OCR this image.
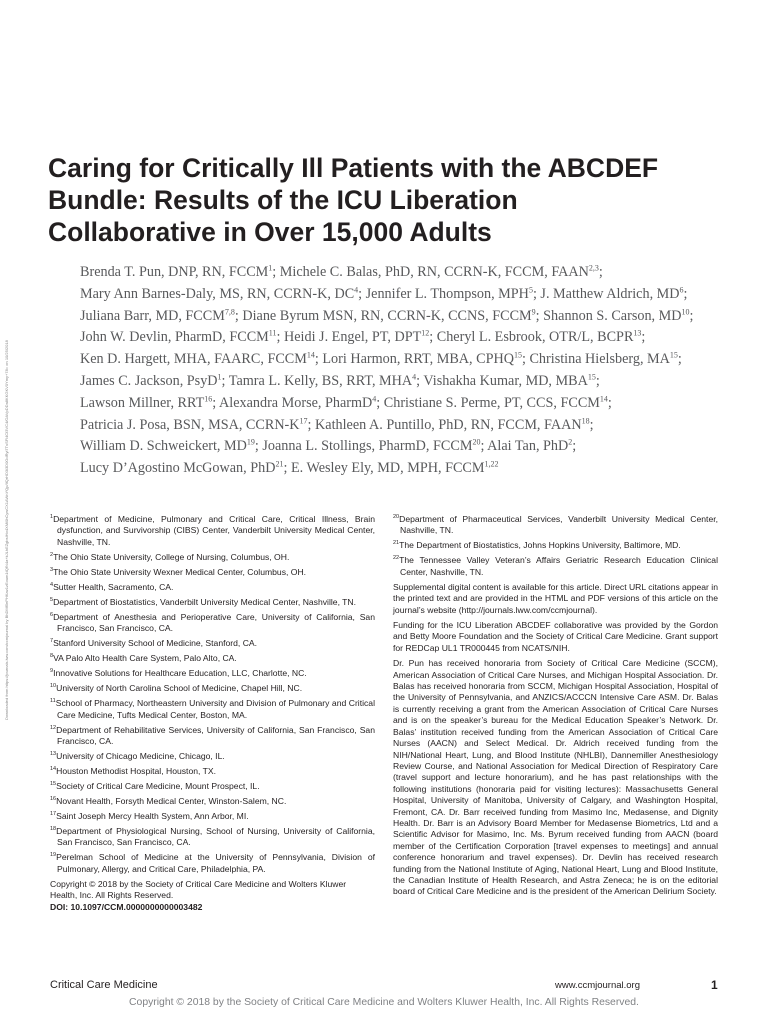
Downloaded from https://journals.lww.com/ccmjournal by BhDMf5ePHKav1zEoum1tQfN4a+kJLhEZgbsIHo4XMi0hCywCX1AWnYQp/IlQrHD3i3D0OdRyi7TvSFl4Cf3VC4/OAVpDDa8KKGKV0Ymy+78= on 10/25/2018
Caring for Critically Ill Patients with the ABCDEF Bundle: Results of the ICU Liberation Collaborative in Over 15,000 Adults
Brenda T. Pun, DNP, RN, FCCM$^1$; Michele C. Balas, PhD, RN, CCRN-K, FCCM, FAAN$^{2,3}$;
Mary Ann Barnes-Daly, MS, RN, CCRN-K, $DC^4$; Jennifer L. Thompson, MPH$^5$; J. Matthew Aldrich, $MD^6$;
Juliana Barr, MD, FCCM$^{7,8}$; Diane Byrum MSN, RN, CCRN-K, CCNS, FCCM$^9$; Shannon S. Carson, MD$^{10}$;
John W. Devlin, PharmD, FCCM$^{11}$; Heidi J. Engel, PT, DPT$^{12}$; Cheryl L. Esbrook, OTR/L, BCPR$^{13}$;
Ken D. Hargett, MHA, FAARC, FCCM$^{14}$; Lori Harmon, RRT, MBA, CPHQ$^{15}$; Christina Hielsberg, MA$^{15}$;
James C. Jackson, PsyD$^1$; Tamra L. Kelly, BS, RRT, MHA$^4$; Vishakha Kumar, MD, MBA$^{15}$;
Lawson Millner, RRT$^{16}$; Alexandra Morse, PharmD$^4$; Christiane S. Perme, PT, CCS, FCCM$^{14}$;
Patricia J. Posa, BSN, MSA, CCRN-$K^{17}$; Kathleen A. Puntillo, PhD, RN, FCCM, FAAN$^{18}$;
William D. Schweickert, MD$^{19}$; Joanna L. Stollings, PharmD, FCCM$^{20}$; Alai Tan, PhD$^2$;
Lucy D’Agostino McGowan, PhD$^{21}$; E. Wesley Ely, MD, MPH, FCCM$^{1,22}$

$^1$Department of Medicine, Pulmonary and Critical Care, Critical Illness, Brain dysfunction, and Survivorship (CIBS) Center, Vanderbilt University Medical Center, Nashville, TN.

$^2$The Ohio State University, College of Nursing, Columbus, OH.

$^3$The Ohio State University Wexner Medical Center, Columbus, OH.

$^4$Sutter Health, Sacramento, CA.

$^5$Department of Biostatistics, Vanderbilt University Medical Center, Nashville, TN.

$^6$Department of Anesthesia and Perioperative Care, University of California, San Francisco, San Francisco, CA.

$^7$Stanford University School of Medicine, Stanford, CA.

$^8$VA Palo Alto Health Care System, Palo Alto, CA.

$^9$Innovative Solutions for Healthcare Education, LLC, Charlotte, NC.

$^{10}$University of North Carolina School of Medicine, Chapel Hill, NC.

$^{11}$School of Pharmacy, Northeastern University and Division of Pulmonary and Critical Care Medicine, Tufts Medical Center, Boston, MA.

$^{12}$Department of Rehabilitative Services, University of California, San Francisco, San Francisco, CA.

$^{13}$University of Chicago Medicine, Chicago, IL.

$^{14}$Houston Methodist Hospital, Houston, TX.

$^{15}$Society of Critical Care Medicine, Mount Prospect, IL.

$^{16}$Novant Health, Forsyth Medical Center, Winston-Salem, NC.

$^{17}$Saint Joseph Mercy Health System, Ann Arbor, MI.

$^{18}$Department of Physiological Nursing, School of Nursing, University of California, San Francisco, San Francisco, CA.

$^{19}$Perelman School of Medicine at the University of Pennsylvania, Division of Pulmonary, Allergy, and Critical Care, Philadelphia, PA.

Copyright © 2018 by the Society of Critical Care Medicine and Wolters Kluwer Health, Inc. All Rights Reserved.

DOI: 10.1097/CCM.0000000000003482

$^{20}$Department of Pharmaceutical Services, Vanderbilt University Medical Center, Nashville, TN.

$^{21}$The Department of Biostatistics, Johns Hopkins University, Baltimore, MD.

$^{22}$The Tennessee Valley Veteran’s Affairs Geriatric Research Education Clinical Center, Nashville, TN.

Supplemental digital content is available for this article. Direct URL citations appear in the printed text and are provided in the HTML and PDF versions of this article on the journal’s website (http://journals.lww.com/ccmjournal).

Funding for the ICU Liberation ABCDEF collaborative was provided by the Gordon and Betty Moore Foundation and the Society of Critical Care Medicine. Grant support for REDCap UL1 TR000445 from NCATS/NIH.

Dr. Pun has received honoraria from Society of Critical Care Medicine (SCCM), American Association of Critical Care Nurses, and Michigan Hospital Association. Dr. Balas has received honoraria from SCCM, Michigan Hospital Association, Hospital of the University of Pennsylvania, and ANZICS/ACCCN Intensive Care ASM. Dr. Balas is currently receiving a grant from the American Association of Critical Care Nurses and is on the speaker’s bureau for the Medical Education Speaker’s Network. Dr. Balas’ institution received funding from the American Association of Critical Care Nurses (AACN) and Select Medical. Dr. Aldrich received funding from the NIH/National Heart, Lung, and Blood Institute (NHLBI), Dannemiller Anesthesiology Review Course, and National Association for Medical Direction of Respiratory Care (travel support and lecture honorarium), and he has past relationships with the following institutions (honoraria paid for visiting lectures): Massachusetts General Hospital, University of Manitoba, University of Calgary, and Washington Hospital, Fremont, CA. Dr. Barr received funding from Masimo Inc, Medasense, and Dignity Health. Dr. Barr is an Advisory Board Member for Medasense Biometrics, Ltd and a Scientific Advisor for Masimo, Inc. Ms. Byrum received funding from AACN (board member of the Certification Corporation [travel expenses to meetings] and annual conference honorarium and travel expenses). Dr. Devlin has received research funding from the National Institute of Aging, National Heart, Lung and Blood Institute, the Canadian Institute of Health Research, and Astra Zeneca; he is on the editorial board of Critical Care Medicine and is the president of the American Delirium Society.

Critical Care Medicine	www.ccmjournal.org	1
Copyright © 2018 by the Society of Critical Care Medicine and Wolters Kluwer Health, Inc. All Rights Reserved.
